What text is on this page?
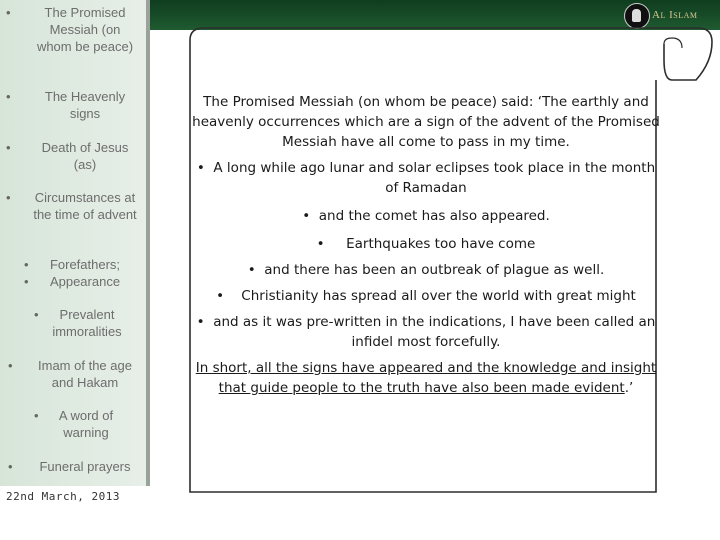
Al Islam
•	The Promised Messiah (on whom be peace)
•	The Heavenly signs
•	Death of Jesus (as)
•	Circumstances at the time of advent
•
•
Forefathers; Appearance
•	Prevalent immoralities
•	Imam of the age and Hakam
•	A word of warning
•	Funeral prayers
22nd March, 2013

The Promised Messiah (on whom be peace) said: ‘The earthly and heavenly occurrences which are a sign of the advent of the Promised Messiah have all come to pass in my time.

•  A long while ago lunar and solar eclipses took place in the month of Ramadan

•  and the comet has also appeared.

•     Earthquakes too have come

•  and there has been an outbreak of plague as well.

•    Christianity has spread all over the world with great might

•  and as it was pre-written in the indications, I have been called an infidel most forcefully.

In short, all the signs have appeared and the knowledge and insight that guide people to the truth have also been made evident.’
